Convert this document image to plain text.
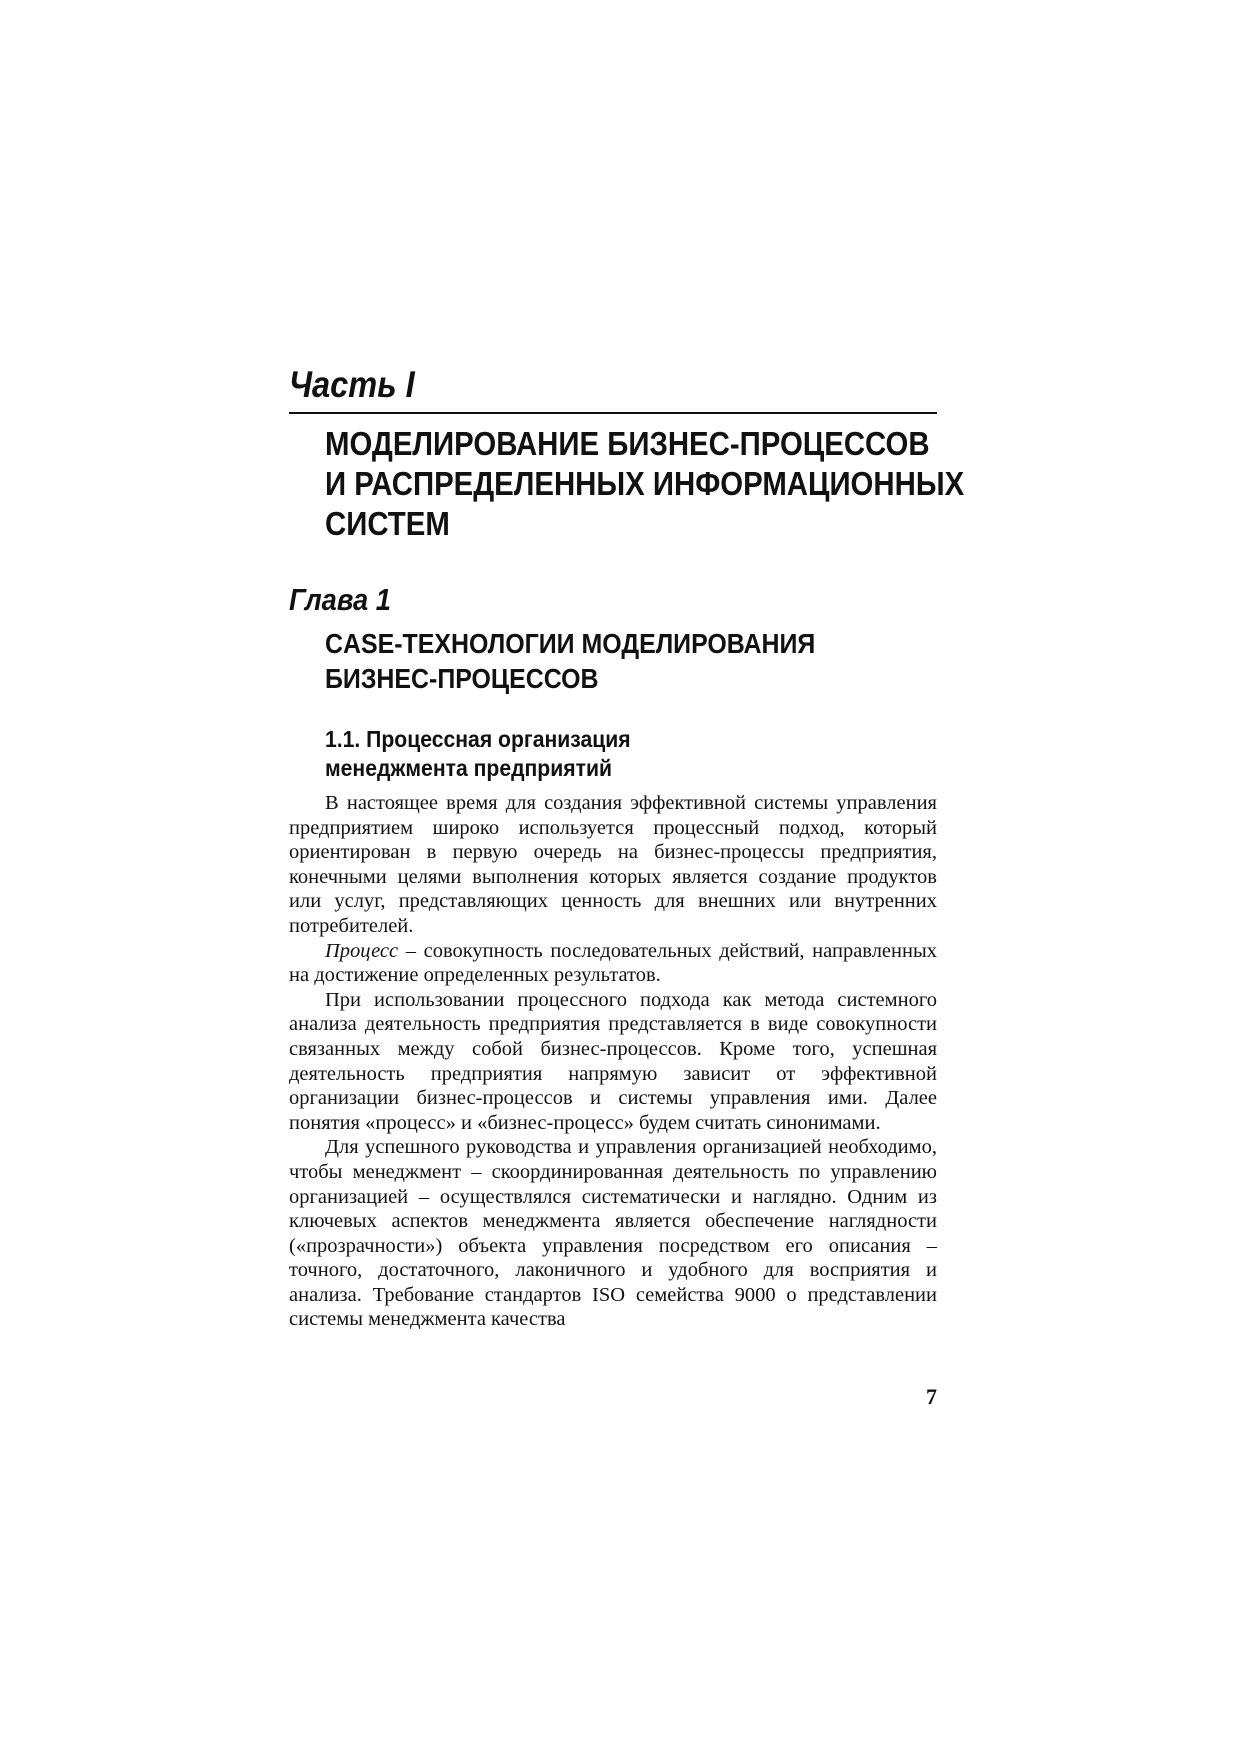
Часть I
МОДЕЛИРОВАНИЕ БИЗНЕС-ПРОЦЕССОВ
И РАСПРЕДЕЛЕННЫХ ИНФОРМАЦИОННЫХ
СИСТЕМ
Глава 1
CASE-ТЕХНОЛОГИИ МОДЕЛИРОВАНИЯ
БИЗНЕС-ПРОЦЕССОВ
1.1. Процессная организация
менеджмента предприятий

В настоящее время для создания эффективной системы управления предприятием широко используется процессный подход, который ориентирован в первую очередь на бизнес-процессы предприятия, конечными целями выполнения которых является создание продуктов или услуг, представляющих ценность для внешних или внутренних потребителей.

Процесс – совокупность последовательных действий, направленных на достижение определенных результатов.

При использовании процессного подхода как метода системного анализа деятельность предприятия представляется в виде совокупности связанных между собой бизнес-процессов. Кроме того, успешная деятельность предприятия напрямую зависит от эффективной организации бизнес-процессов и системы управления ими. Далее понятия «процесс» и «бизнес-процесс» будем считать синонимами.

Для успешного руководства и управления организацией необходимо, чтобы менеджмент – скоординированная деятельность по управлению организацией – осуществлялся систематически и наглядно. Одним из ключевых аспектов менеджмента является обеспечение наглядности («прозрачности») объекта управления посредством его описания – точного, достаточного, лаконичного и удобного для восприятия и анализа. Требование стандартов ISO семейства 9000 о представлении системы менеджмента качества

7
